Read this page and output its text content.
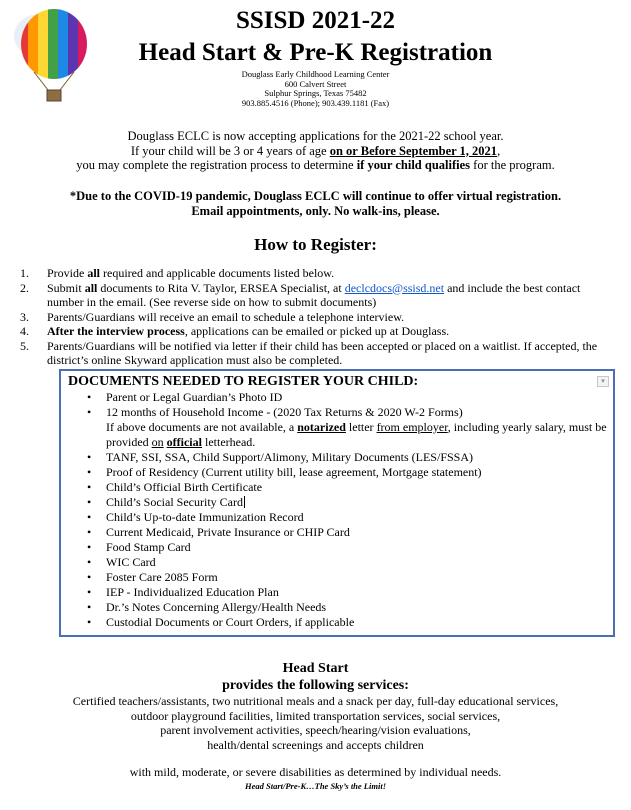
SSISD 2021-22
Head Start & Pre-K Registration
Douglass Early Childhood Learning Center
600 Calvert Street
Sulphur Springs, Texas 75482
903.885.4516 (Phone); 903.439.1181 (Fax)
Douglass ECLC is now accepting applications for the 2021-22 school year.
If your child will be 3 or 4 years of age on or Before September 1, 2021,
you may complete the registration process to determine if your child qualifies for the program.
*Due to the COVID-19 pandemic, Douglass ECLC will continue to offer virtual registration.
Email appointments, only. No walk-ins, please.
How to Register:
1. Provide all required and applicable documents listed below.
2. Submit all documents to Rita V. Taylor, ERSEA Specialist, at declcdocs@ssisd.net and include the best contact number in the email. (See reverse side on how to submit documents)
3. Parents/Guardians will receive an email to schedule a telephone interview.
4. After the interview process, applications can be emailed or picked up at Douglass.
5. Parents/Guardians will be notified via letter if their child has been accepted or placed on a waitlist. If accepted, the district’s online Skyward application must also be completed.
DOCUMENTS NEEDED TO REGISTER YOUR CHILD:	▾
• Parent or Legal Guardian’s Photo ID
• 12 months of Household Income - (2020 Tax Returns & 2020 W-2 Forms)
If above documents are not available, a notarized letter from employer, including yearly salary, must be provided on official letterhead.
• TANF, SSI, SSA, Child Support/Alimony, Military Documents (LES/FSSA)
• Proof of Residency (Current utility bill, lease agreement, Mortgage statement)
• Child’s Official Birth Certificate
• Child’s Social Security Card
• Child’s Up-to-date Immunization Record
• Current Medicaid, Private Insurance or CHIP Card
• Food Stamp Card
• WIC Card
• Foster Care 2085 Form
• IEP - Individualized Education Plan
• Dr.’s Notes Concerning Allergy/Health Needs
• Custodial Documents or Court Orders, if applicable
Head Start
provides the following services:
Certified teachers/assistants, two nutritional meals and a snack per day, full-day educational services,
outdoor playground facilities, limited transportation services, social services,
parent involvement activities, speech/hearing/vision evaluations,
health/dental screenings and accepts children
with mild, moderate, or severe disabilities as determined by individual needs.
Head Start/Pre-K…The Sky’s the Limit!
